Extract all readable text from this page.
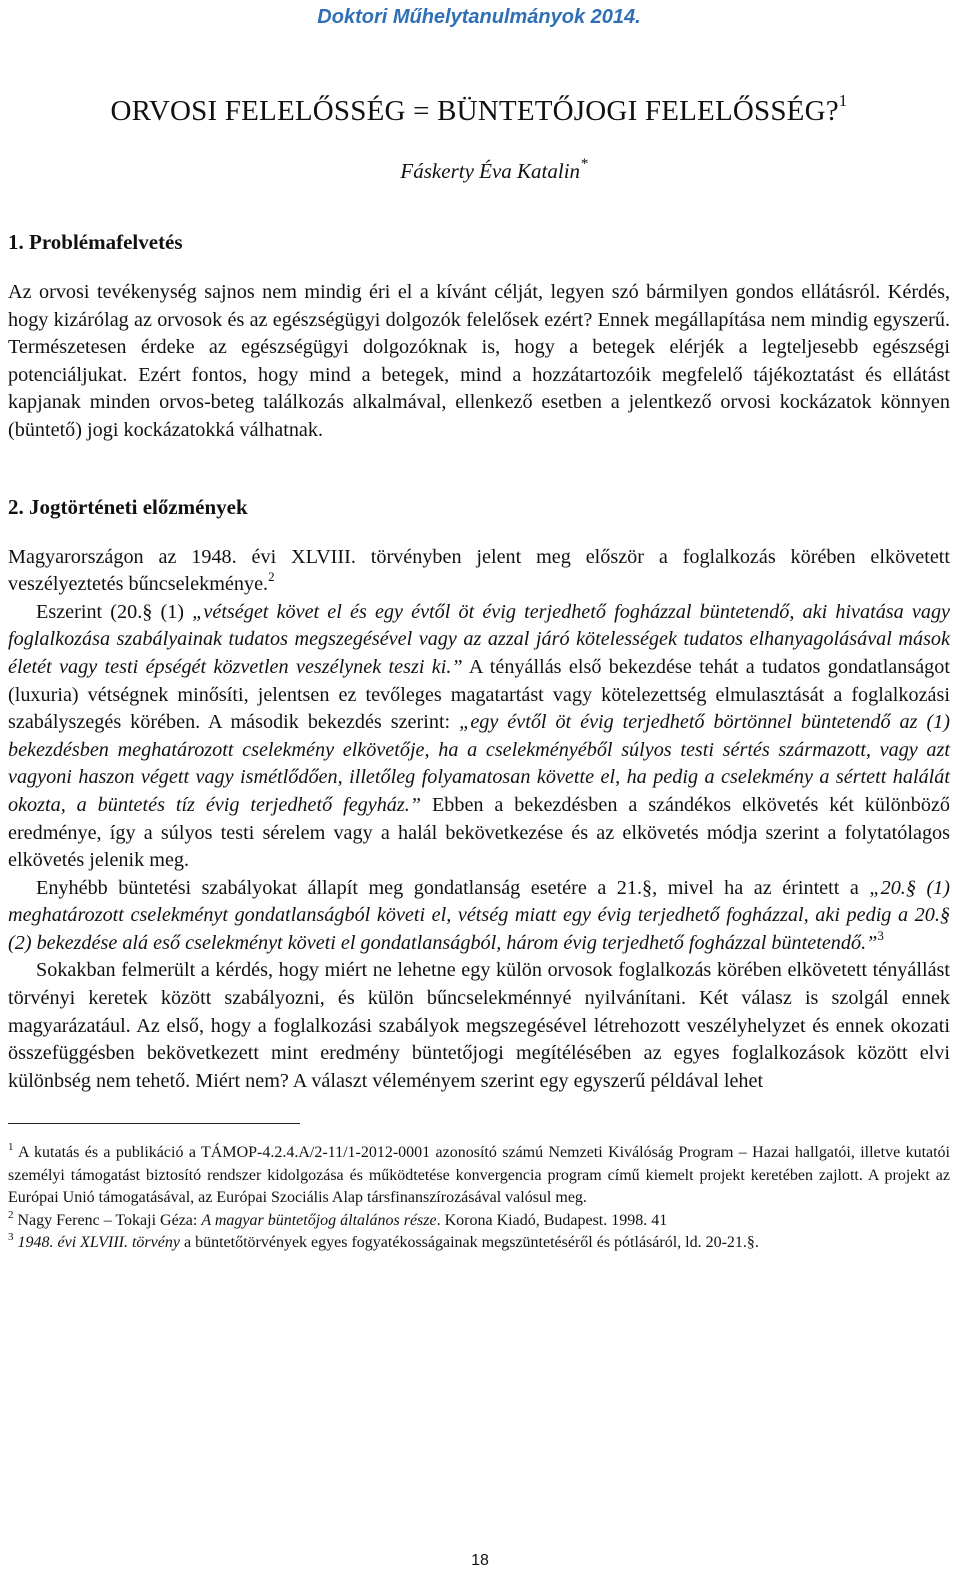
Doktori Műhelytanulmányok 2014.
ORVOSI FELELŐSSÉG = BÜNTETŐJOGI FELELŐSSÉG?$^1$
Fáskerty Éva Katalin*
1. Problémafelvetés

Az orvosi tevékenység sajnos nem mindig éri el a kívánt célját, legyen szó bármilyen gondos ellátásról. Kérdés, hogy kizárólag az orvosok és az egészségügyi dolgozók felelősek ezért? Ennek megállapítása nem mindig egyszerű. Természetesen érdeke az egészségügyi dolgozóknak is, hogy a betegek elérjék a legteljesebb egészségi potenciáljukat. Ezért fontos, hogy mind a betegek, mind a hozzátartozóik megfelelő tájékoztatást és ellátást kapjanak minden orvos-beteg találkozás alkalmával, ellenkező esetben a jelentkező orvosi kockázatok könnyen (büntető) jogi kockázatokká válhatnak.

2. Jogtörténeti előzmények

Magyarországon az 1948. évi XLVIII. törvényben jelent meg először a foglalkozás körében elkövetett veszélyeztetés bűncselekménye.$^2$

Eszerint (20.§ (1) „vétséget követ el és egy évtől öt évig terjedhető fogházzal büntetendő, aki hivatása vagy foglalkozása szabályainak tudatos megszegésével vagy az azzal járó kötelességek tudatos elhanyagolásával mások életét vagy testi épségét közvetlen veszélynek teszi ki.” A tényállás első bekezdése tehát a tudatos gondatlanságot (luxuria) vétségnek minősíti, jelentsen ez tevőleges magatartást vagy kötelezettség elmulasztását a foglalkozási szabályszegés körében. A második bekezdés szerint: „egy évtől öt évig terjedhető börtönnel büntetendő az (1) bekezdésben meghatározott cselekmény elkövetője, ha a cselekményéből súlyos testi sértés származott, vagy azt vagyoni haszon végett vagy ismétlődően, illetőleg folyamatosan követte el, ha pedig a cselekmény a sértett halálát okozta, a büntetés tíz évig terjedhető fegyház.” Ebben a bekezdésben a szándékos elkövetés két különböző eredménye, így a súlyos testi sérelem vagy a halál bekövetkezése és az elkövetés módja szerint a folytatólagos elkövetés jelenik meg.

Enyhébb büntetési szabályokat állapít meg gondatlanság esetére a 21.§, mivel ha az érintett a „20.§ (1) meghatározott cselekményt gondatlanságból követi el, vétség miatt egy évig terjedhető fogházzal, aki pedig a 20.§ (2) bekezdése alá eső cselekményt követi el gondatlanságból, három évig terjedhető fogházzal büntetendő.”$^3$

Sokakban felmerült a kérdés, hogy miért ne lehetne egy külön orvosok foglalkozás körében elkövetett tényállást törvényi keretek között szabályozni, és külön bűncselekménnyé nyilvánítani. Két válasz is szolgál ennek magyarázatául. Az első, hogy a foglalkozási szabályok megszegésével létrehozott veszélyhelyzet és ennek okozati összefüggésben bekövetkezett mint eredmény büntetőjogi megítélésében az egyes foglalkozások között elvi különbség nem tehető. Miért nem? A választ véleményem szerint egy egyszerű példával lehet

$^1$ A kutatás és a publikáció a TÁMOP-4.2.4.A/2-11/1-2012-0001 azonosító számú Nemzeti Kiválóság Program – Hazai hallgatói, illetve kutatói személyi támogatást biztosító rendszer kidolgozása és működtetése konvergencia program című kiemelt projekt keretében zajlott. A projekt az Európai Unió támogatásával, az Európai Szociális Alap társfinanszírozásával valósul meg.

$^2$ Nagy Ferenc – Tokaji Géza: A magyar büntetőjog általános része. Korona Kiadó, Budapest. 1998. 41

$^3$ 1948. évi XLVIII. törvény a büntetőtörvények egyes fogyatékosságainak megszüntetéséről és pótlásáról, ld. 20-21.§.

18
